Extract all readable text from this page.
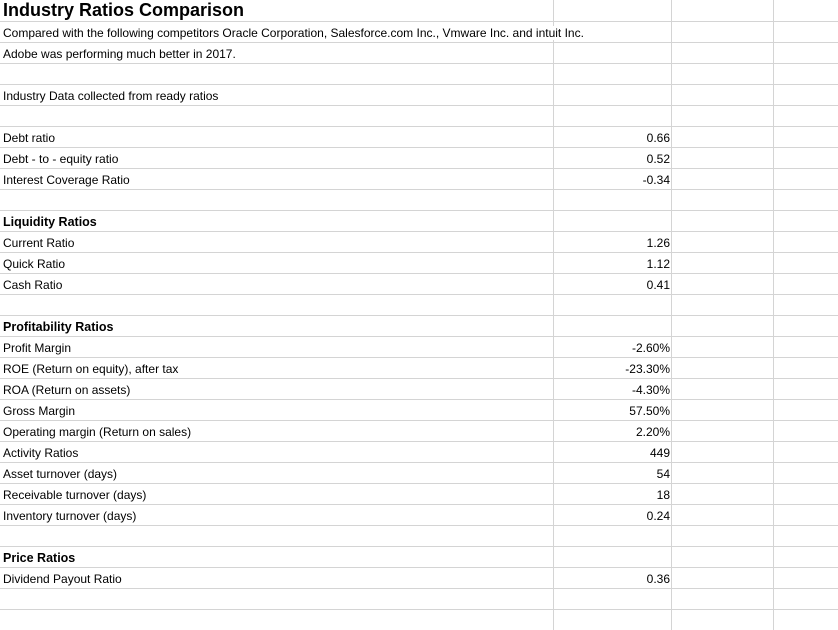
Industry Ratios Comparison
Compared with the following competitors Oracle Corporation, Salesforce.com Inc., Vmware Inc. and intuit Inc.
Adobe was performing much better in 2017.
Industry Data collected from ready ratios
Debt ratio	0.66
Debt - to - equity ratio	0.52
Interest Coverage Ratio	-0.34
Liquidity Ratios
Current Ratio	1.26
Quick Ratio	1.12
Cash Ratio	0.41
Profitability Ratios
Profit Margin	-2.60%
ROE (Return on equity), after tax	-23.30%
ROA (Return on assets)	-4.30%
Gross Margin	57.50%
Operating margin (Return on sales)	2.20%
Activity Ratios	449
Asset turnover (days)	54
Receivable turnover (days)	18
Inventory turnover (days)	0.24
Price Ratios
Dividend Payout Ratio	0.36
